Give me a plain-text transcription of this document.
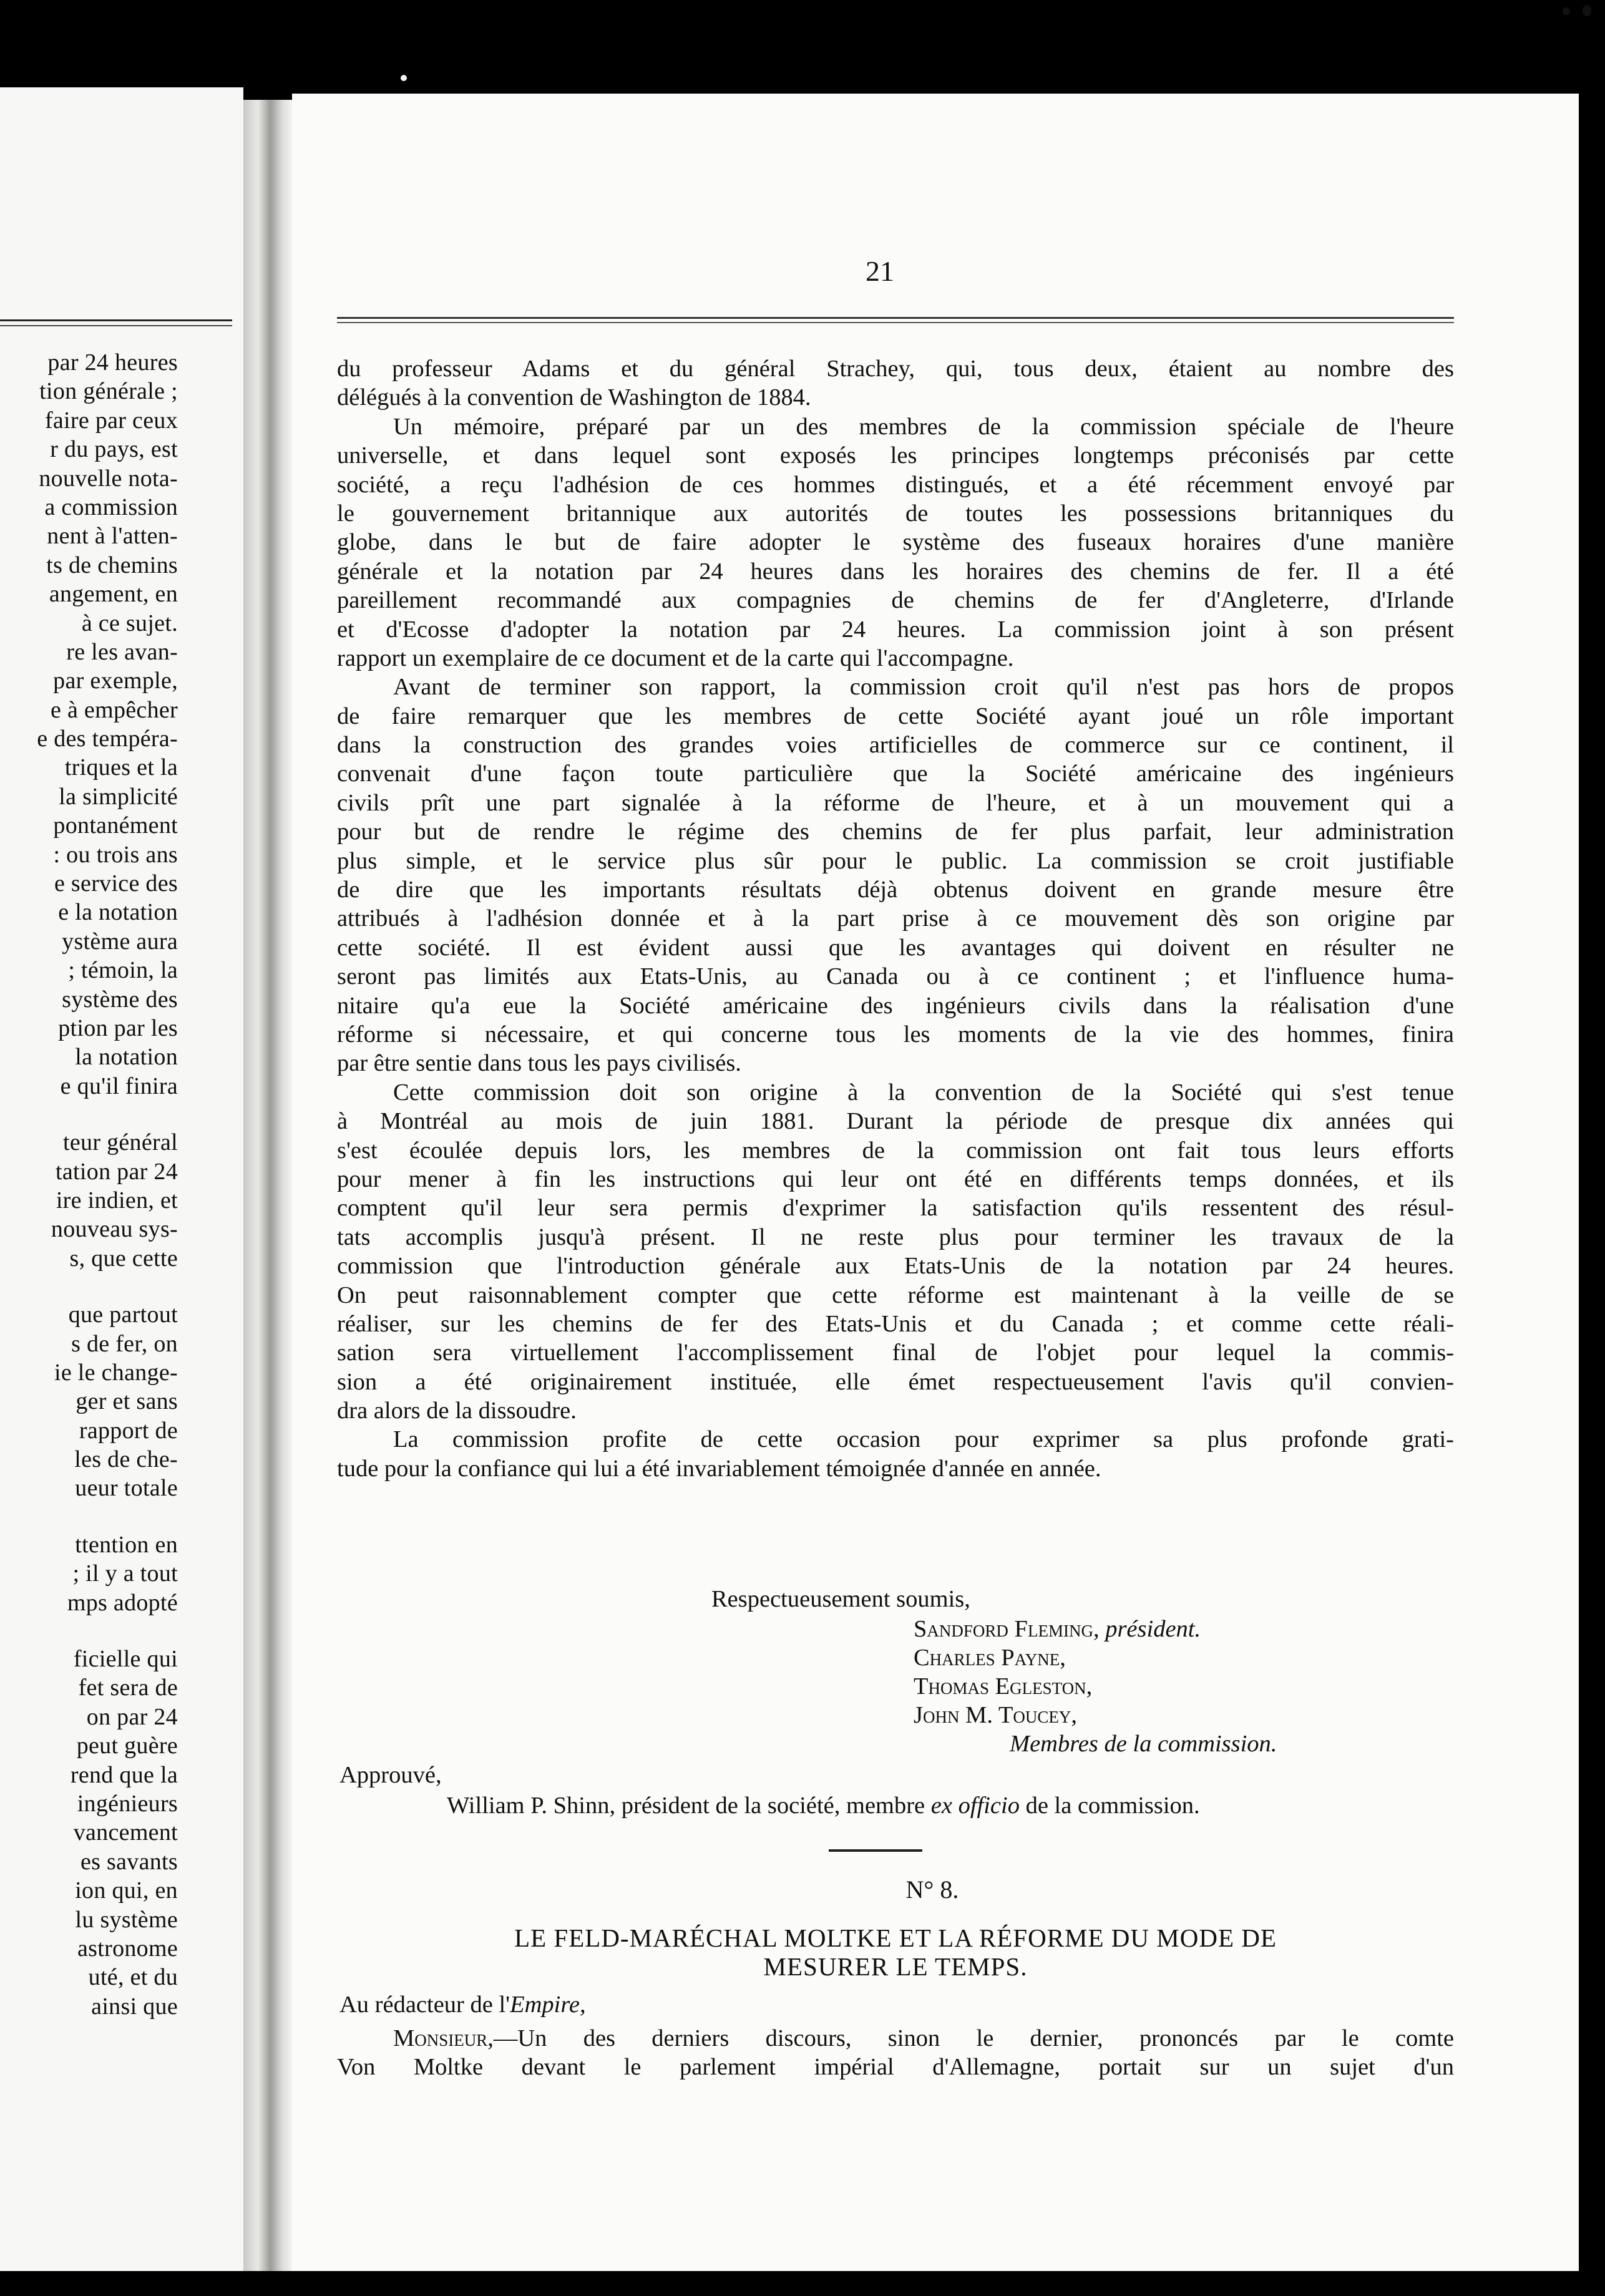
par 24 heures
tion générale ;
faire par ceux
r du pays, est
nouvelle nota-
a commission
nent à l'atten-
ts de chemins
angement, en
à ce sujet.
re les avan-
par exemple,
e à empêcher
e des tempéra-
triques et la
la simplicité
pontanément
: ou trois ans
e service des
e la notation
ystème aura
; témoin, la
système des
ption par les
la notation
e qu'il finira
teur général
tation par 24
ire indien, et
nouveau sys-
s, que cette
que partout
s de fer, on
ie le change-
ger et sans
rapport de
les de che-
ueur totale
ttention en
; il y a tout
mps adopté
ficielle qui
fet sera de
on par 24
peut guère
rend que la
ingénieurs
vancement
es savants
ion qui, en
lu système
astronome
uté, et du
ainsi que
21
du professeur Adams et du général Strachey, qui, tous deux, étaient au nombre des
délégués à la convention de Washington de 1884.
Un mémoire, préparé par un des membres de la commission spéciale de l'heure
universelle, et dans lequel sont exposés les principes longtemps préconisés par cette
société, a reçu l'adhésion de ces hommes distingués, et a été récemment envoyé par
le gouvernement britannique aux autorités de toutes les possessions britanniques du
globe, dans le but de faire adopter le système des fuseaux horaires d'une manière
générale et la notation par 24 heures dans les horaires des chemins de fer. Il a été
pareillement recommandé aux compagnies de chemins de fer d'Angleterre, d'Irlande
et d'Ecosse d'adopter la notation par 24 heures. La commission joint à son présent
rapport un exemplaire de ce document et de la carte qui l'accompagne.
Avant de terminer son rapport, la commission croit qu'il n'est pas hors de propos
de faire remarquer que les membres de cette Société ayant joué un rôle important
dans la construction des grandes voies artificielles de commerce sur ce continent, il
convenait d'une façon toute particulière que la Société américaine des ingénieurs
civils prît une part signalée à la réforme de l'heure, et à un mouvement qui a
pour but de rendre le régime des chemins de fer plus parfait, leur administration
plus simple, et le service plus sûr pour le public. La commission se croit justifiable
de dire que les importants résultats déjà obtenus doivent en grande mesure être
attribués à l'adhésion donnée et à la part prise à ce mouvement dès son origine par
cette société. Il est évident aussi que les avantages qui doivent en résulter ne
seront pas limités aux Etats-Unis, au Canada ou à ce continent ; et l'influence huma-
nitaire qu'a eue la Société américaine des ingénieurs civils dans la réalisation d'une
réforme si nécessaire, et qui concerne tous les moments de la vie des hommes, finira
par être sentie dans tous les pays civilisés.
Cette commission doit son origine à la convention de la Société qui s'est tenue
à Montréal au mois de juin 1881. Durant la période de presque dix années qui
s'est écoulée depuis lors, les membres de la commission ont fait tous leurs efforts
pour mener à fin les instructions qui leur ont été en différents temps données, et ils
comptent qu'il leur sera permis d'exprimer la satisfaction qu'ils ressentent des résul-
tats accomplis jusqu'à présent. Il ne reste plus pour terminer les travaux de la
commission que l'introduction générale aux Etats-Unis de la notation par 24 heures.
On peut raisonnablement compter que cette réforme est maintenant à la veille de se
réaliser, sur les chemins de fer des Etats-Unis et du Canada ; et comme cette réali-
sation sera virtuellement l'accomplissement final de l'objet pour lequel la commis-
sion a été originairement instituée, elle émet respectueusement l'avis qu'il convien-
dra alors de la dissoudre.
La commission profite de cette occasion pour exprimer sa plus profonde grati-
tude pour la confiance qui lui a été invariablement témoignée d'année en année.
Respectueusement soumis,
Sandford Fleming, président.
Charles Payne,
Thomas Egleston,
John M. Toucey,
Membres de la commission.
Approuvé,
William P. Shinn, président de la société, membre ex officio de la commission.
N° 8.
LE FELD-MARÉCHAL MOLTKE ET LA RÉFORME DU MODE DE
MESURER LE TEMPS.
Au rédacteur de l'Empire,
Monsieur,—Un des derniers discours, sinon le dernier, prononcés par le comte
Von Moltke devant le parlement impérial d'Allemagne, portait sur un sujet d'un
